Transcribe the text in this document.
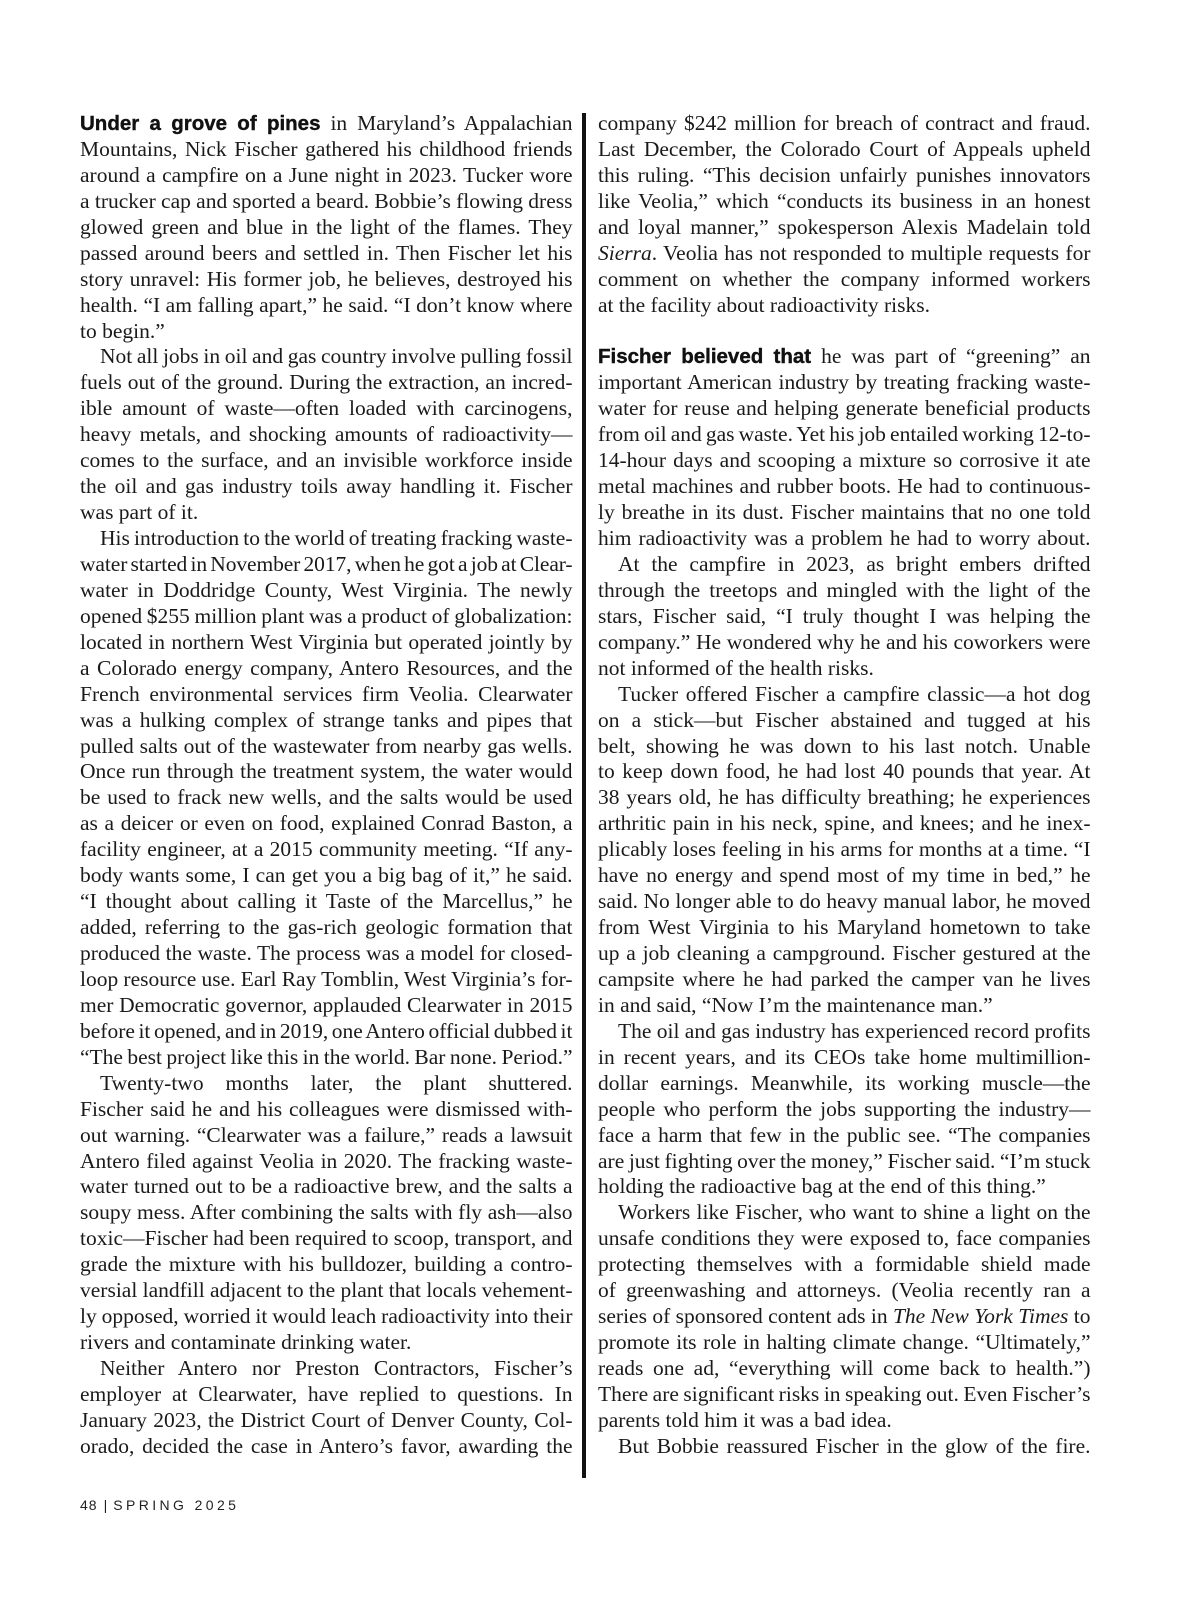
Under a grove of pines in Maryland’s Appalachian
Mountains, Nick Fischer gathered his childhood friends
around a campfire on a June night in 2023. Tucker wore
a trucker cap and sported a beard. Bobbie’s flowing dress
glowed green and blue in the light of the flames. They
passed around beers and settled in. Then Fischer let his
story unravel: His former job, he believes, destroyed his
health. “I am falling apart,” he said. “I don’t know where
to begin.”
Not all jobs in oil and gas country involve pulling fossil
fuels out of the ground. During the extraction, an incred-
ible amount of waste—often loaded with carcinogens,
heavy metals, and shocking amounts of radioactivity—
comes to the surface, and an invisible workforce inside
the oil and gas industry toils away handling it. Fischer
was part of it.
His introduction to the world of treating fracking waste-
water started in November 2017, when he got a job at Clear-
water in Doddridge County, West Virginia. The newly
opened $255 million plant was a product of globalization:
located in northern West Virginia but operated jointly by
a Colorado energy company, Antero Resources, and the
French environmental services firm Veolia. Clearwater
was a hulking complex of strange tanks and pipes that
pulled salts out of the wastewater from nearby gas wells.
Once run through the treatment system, the water would
be used to frack new wells, and the salts would be used
as a deicer or even on food, explained Conrad Baston, a
facility engineer, at a 2015 community meeting. “If any-
body wants some, I can get you a big bag of it,” he said.
“I thought about calling it Taste of the Marcellus,” he
added, referring to the gas-rich geologic formation that
produced the waste. The process was a model for closed-
loop resource use. Earl Ray Tomblin, West Virginia’s for-
mer Democratic governor, applauded Clearwater in 2015
before it opened, and in 2019, one Antero official dubbed it
“The best project like this in the world. Bar none. Period.”
Twenty-two months later, the plant shuttered.
Fischer said he and his colleagues were dismissed with-
out warning. “Clearwater was a failure,” reads a lawsuit
Antero filed against Veolia in 2020. The fracking waste-
water turned out to be a radioactive brew, and the salts a
soupy mess. After combining the salts with fly ash—also
toxic—Fischer had been required to scoop, transport, and
grade the mixture with his bulldozer, building a contro-
versial landfill adjacent to the plant that locals vehement-
ly opposed, worried it would leach radioactivity into their
rivers and contaminate drinking water.
Neither Antero nor Preston Contractors, Fischer’s
employer at Clearwater, have replied to questions. In
January 2023, the District Court of Denver County, Col-
orado, decided the case in Antero’s favor, awarding the
company $242 million for breach of contract and fraud.
Last December, the Colorado Court of Appeals upheld
this ruling. “This decision unfairly punishes innovators
like Veolia,” which “conducts its business in an honest
and loyal manner,” spokesperson Alexis Madelain told
Sierra. Veolia has not responded to multiple requests for
comment on whether the company informed workers
at the facility about radioactivity risks.
Fischer believed that he was part of “greening” an
important American industry by treating fracking waste-
water for reuse and helping generate beneficial products
from oil and gas waste. Yet his job entailed working 12-to-
14-hour days and scooping a mixture so corrosive it ate
metal machines and rubber boots. He had to continuous-
ly breathe in its dust. Fischer maintains that no one told
him radioactivity was a problem he had to worry about.
At the campfire in 2023, as bright embers drifted
through the treetops and mingled with the light of the
stars, Fischer said, “I truly thought I was helping the
company.” He wondered why he and his coworkers were
not informed of the health risks.
Tucker offered Fischer a campfire classic—a hot dog
on a stick—but Fischer abstained and tugged at his
belt, showing he was down to his last notch. Unable
to keep down food, he had lost 40 pounds that year. At
38 years old, he has difficulty breathing; he experiences
arthritic pain in his neck, spine, and knees; and he inex-
plicably loses feeling in his arms for months at a time. “I
have no energy and spend most of my time in bed,” he
said. No longer able to do heavy manual labor, he moved
from West Virginia to his Maryland hometown to take
up a job cleaning a campground. Fischer gestured at the
campsite where he had parked the camper van he lives
in and said, “Now I’m the maintenance man.”
The oil and gas industry has experienced record profits
in recent years, and its CEOs take home multimillion-
dollar earnings. Meanwhile, its working muscle—the
people who perform the jobs supporting the industry—
face a harm that few in the public see. “The companies
are just fighting over the money,” Fischer said. “I’m stuck
holding the radioactive bag at the end of this thing.”
Workers like Fischer, who want to shine a light on the
unsafe conditions they were exposed to, face companies
protecting themselves with a formidable shield made
of greenwashing and attorneys. (Veolia recently ran a
series of sponsored content ads in The New York Times to
promote its role in halting climate change. “Ultimately,”
reads one ad, “everything will come back to health.”)
There are significant risks in speaking out. Even Fischer’s
parents told him it was a bad idea.
But Bobbie reassured Fischer in the glow of the fire.
48 | SPRING 2025
